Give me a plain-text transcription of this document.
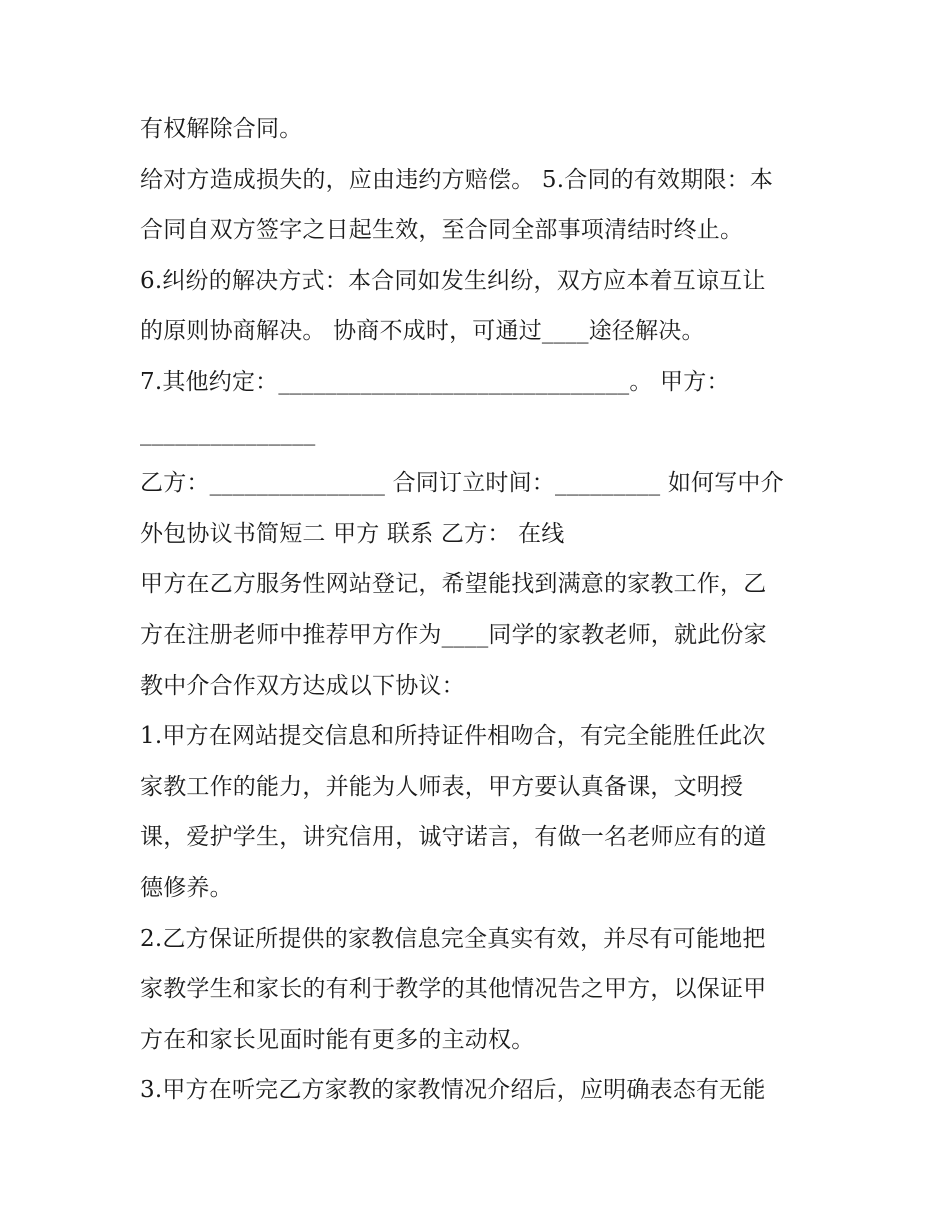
有权解除合同。
给对方造成损失的，应由违约方赔偿。 5.合同的有效期限：本
合同自双方签字之日起生效，至合同全部事项清结时终止。
6.纠纷的解决方式：本合同如发生纠纷，双方应本着互谅互让
的原则协商解决。 协商不成时，可通过____途径解决。
7.其他约定：______________________________。 甲方：
_______________
乙方：_______________ 合同订立时间：_________ 如何写中介
外包协议书简短二 甲方 联系 乙方： 在线
甲方在乙方服务性网站登记，希望能找到满意的家教工作，乙
方在注册老师中推荐甲方作为____同学的家教老师，就此份家
教中介合作双方达成以下协议：
1.甲方在网站提交信息和所持证件相吻合，有完全能胜任此次
家教工作的能力，并能为人师表，甲方要认真备课，文明授
课，爱护学生，讲究信用，诚守诺言，有做一名老师应有的道
德修养。
2.乙方保证所提供的家教信息完全真实有效，并尽有可能地把
家教学生和家长的有利于教学的其他情况告之甲方，以保证甲
方在和家长见面时能有更多的主动权。
3.甲方在听完乙方家教的家教情况介绍后，应明确表态有无能
